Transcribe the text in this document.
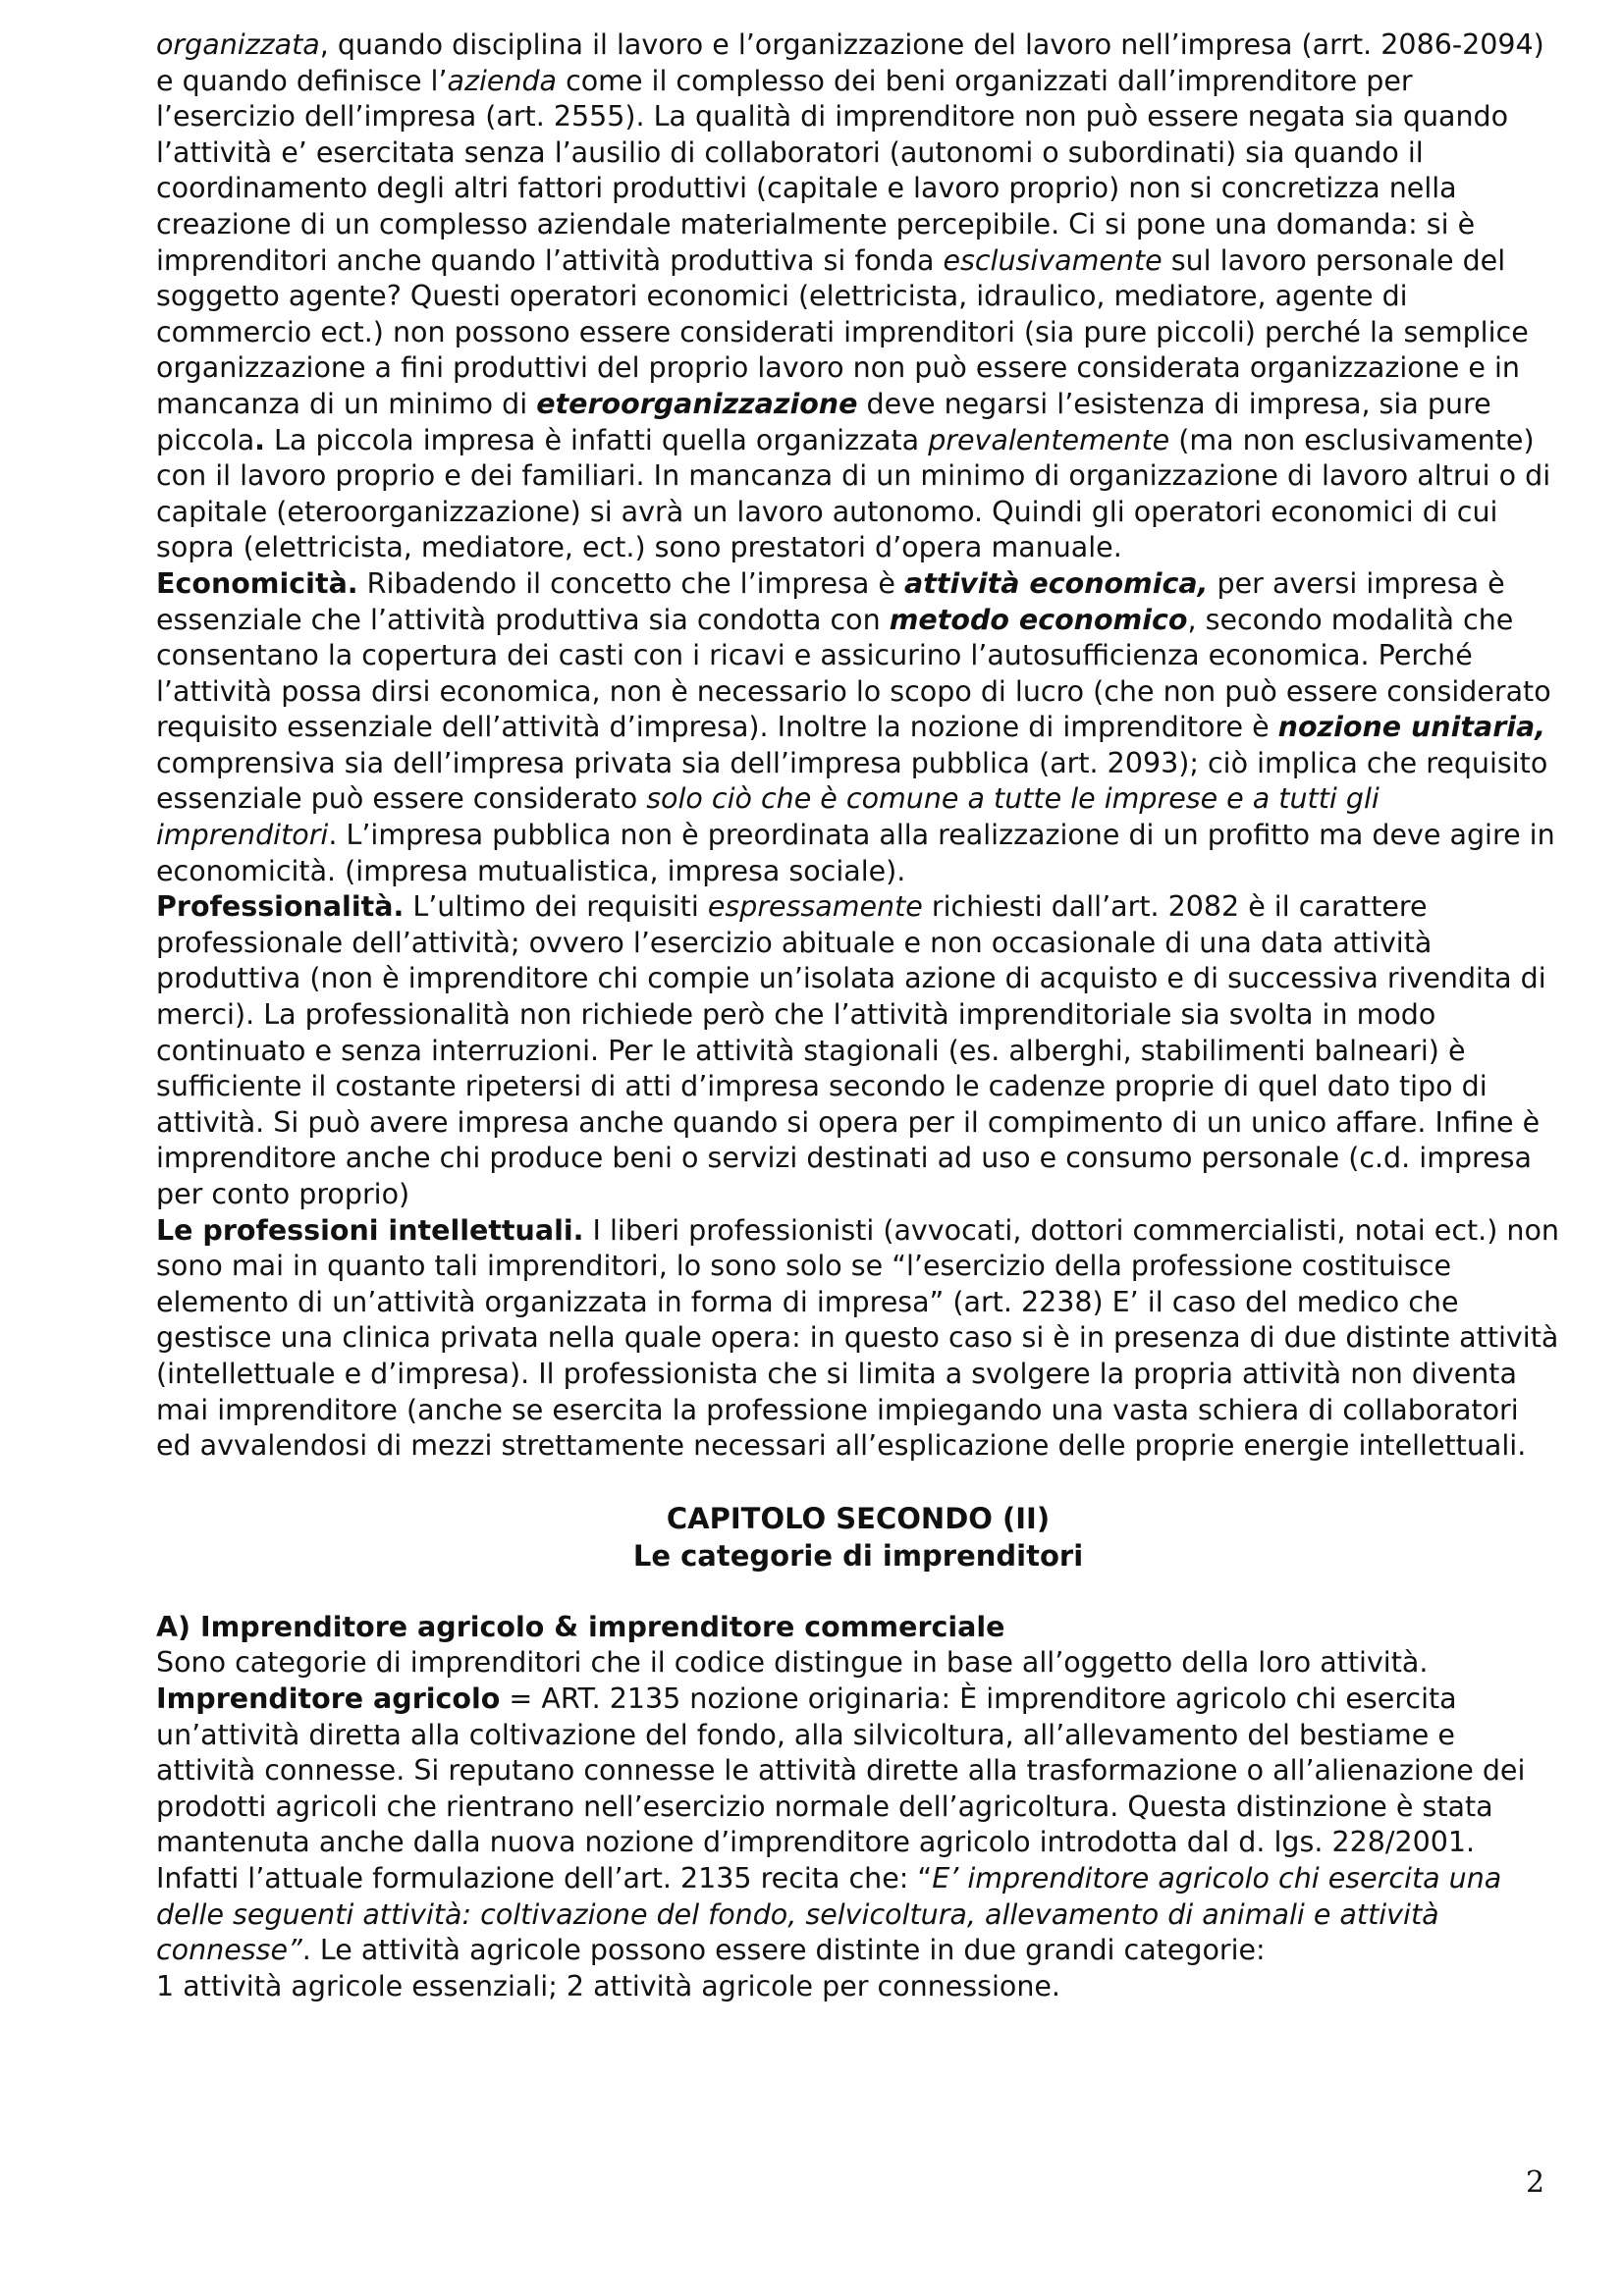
organizzata, quando disciplina il lavoro e l’organizzazione del lavoro nell’impresa (arrt. 2086-2094) e quando definisce l’azienda come il complesso dei beni organizzati dall’imprenditore per l’esercizio dell’impresa (art. 2555). La qualità di imprenditore non può essere negata sia quando l’attività e’ esercitata senza l’ausilio di collaboratori (autonomi o subordinati) sia quando il coordinamento degli altri fattori produttivi (capitale e lavoro proprio) non si concretizza nella creazione di un complesso aziendale materialmente percepibile. Ci si pone una domanda: si è imprenditori anche quando l’attività produttiva si fonda esclusivamente sul lavoro personale del soggetto agente? Questi operatori economici (elettricista, idraulico, mediatore, agente di commercio ect.) non possono essere considerati imprenditori (sia pure piccoli) perché la semplice organizzazione a fini produttivi del proprio lavoro non può essere considerata organizzazione e in mancanza di un minimo di eteroorganizzazione deve negarsi l’esistenza di impresa, sia pure piccola. La piccola impresa è infatti quella organizzata prevalentemente (ma non esclusivamente) con il lavoro proprio e dei familiari. In mancanza di un minimo di organizzazione di lavoro altrui o di capitale (eteroorganizzazione) si avrà un lavoro autonomo. Quindi gli operatori economici di cui sopra (elettricista, mediatore, ect.) sono prestatori d’opera manuale.

Economicità. Ribadendo il concetto che l’impresa è attività economica, per aversi impresa è essenziale che l’attività produttiva sia condotta con metodo economico, secondo modalità che consentano la copertura dei casti con i ricavi e assicurino l’autosufficienza economica. Perché l’attività possa dirsi economica, non è necessario lo scopo di lucro (che non può essere considerato requisito essenziale dell’attività d’impresa). Inoltre la nozione di imprenditore è nozione unitaria, comprensiva sia dell’impresa privata sia dell’impresa pubblica (art. 2093); ciò implica che requisito essenziale può essere considerato solo ciò che è comune a tutte le imprese e a tutti gli imprenditori. L’impresa pubblica non è preordinata alla realizzazione di un profitto ma deve agire in economicità. (impresa mutualistica, impresa sociale).

Professionalità. L’ultimo dei requisiti espressamente richiesti dall’art. 2082 è il carattere professionale dell’attività; ovvero l’esercizio abituale e non occasionale di una data attività produttiva (non è imprenditore chi compie un’isolata azione di acquisto e di successiva rivendita di merci). La professionalità non richiede però che l’attività imprenditoriale sia svolta in modo continuato e senza interruzioni. Per le attività stagionali (es. alberghi, stabilimenti balneari) è sufficiente il costante ripetersi di atti d’impresa secondo le cadenze proprie di quel dato tipo di attività. Si può avere impresa anche quando si opera per il compimento di un unico affare. Infine è imprenditore anche chi produce beni o servizi destinati ad uso e consumo personale (c.d. impresa per conto proprio)

Le professioni intellettuali. I liberi professionisti (avvocati, dottori commercialisti, notai ect.) non sono mai in quanto tali imprenditori, lo sono solo se “l’esercizio della professione costituisce elemento di un’attività organizzata in forma di impresa” (art. 2238) E’ il caso del medico che gestisce una clinica privata nella quale opera: in questo caso si è in presenza di due distinte attività (intellettuale e d’impresa). Il professionista che si limita a svolgere la propria attività non diventa mai imprenditore (anche se esercita la professione impiegando una vasta schiera di collaboratori ed avvalendosi di mezzi strettamente necessari all’esplicazione delle proprie energie intellettuali.

CAPITOLO SECONDO (II)
Le categorie di imprenditori
A) Imprenditore agricolo & imprenditore commerciale

Sono categorie di imprenditori che il codice distingue in base all’oggetto della loro attività.

Imprenditore agricolo = ART. 2135 nozione originaria: È imprenditore agricolo chi esercita un’attività diretta alla coltivazione del fondo, alla silvicoltura, all’allevamento del bestiame e attività connesse. Si reputano connesse le attività dirette alla trasformazione o all’alienazione dei prodotti agricoli che rientrano nell’esercizio normale dell’agricoltura. Questa distinzione è stata mantenuta anche dalla nuova nozione d’imprenditore agricolo introdotta dal d. lgs. 228/2001.

Infatti l’attuale formulazione dell’art. 2135 recita che: “E’ imprenditore agricolo chi esercita una delle seguenti attività: coltivazione del fondo, selvicoltura, allevamento di animali e attività connesse”. Le attività agricole possono essere distinte in due grandi categorie:

1 attività agricole essenziali; 2 attività agricole per connessione.

2
